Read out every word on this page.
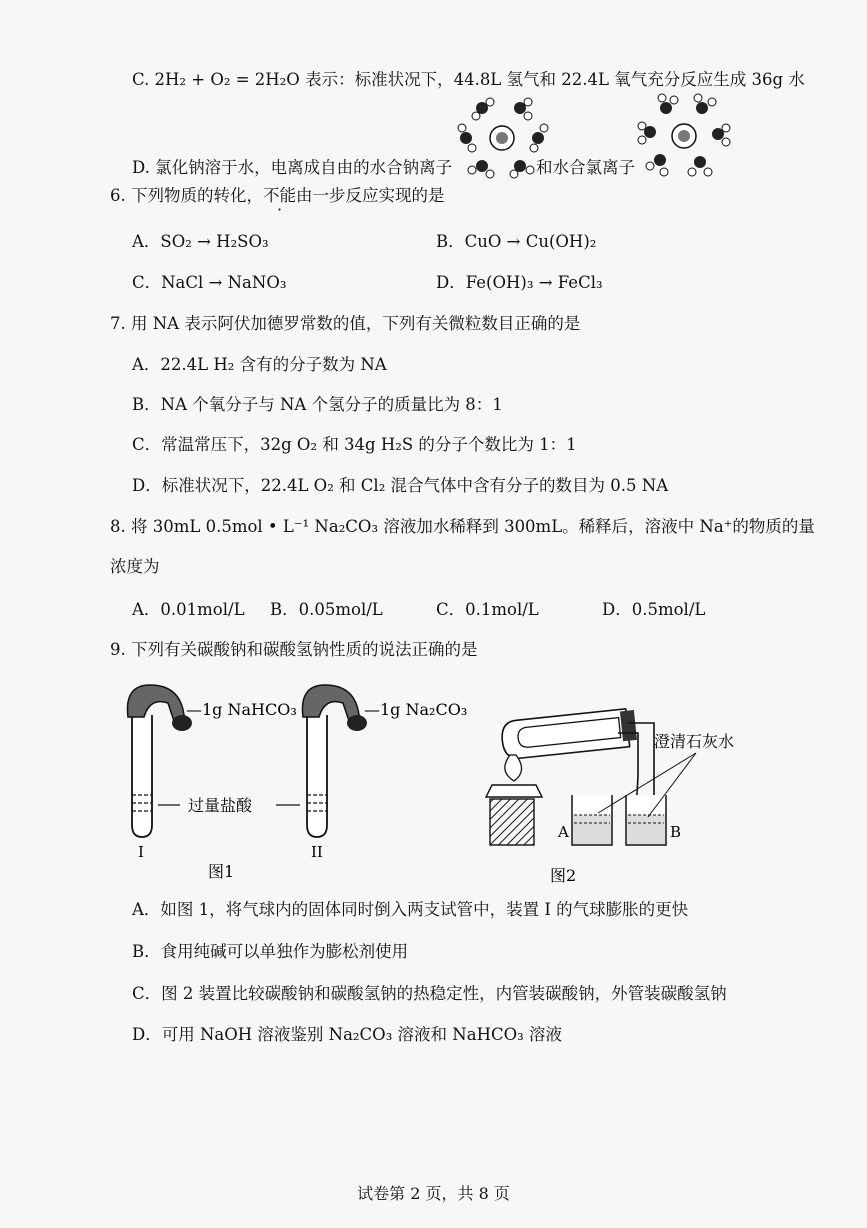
C. 2H₂ + O₂ = 2H₂O 表示：标准状况下，44.8L 氢气和 22.4L 氧气充分反应生成 36g 水
D. 氯化钠溶于水，电离成自由的水合钠离子	和水合氯离子
6. 下列物质的转化，不能由一步反应实现的是
A．SO₂ → H₂SO₃	B．CuO → Cu(OH)₂
C．NaCl → NaNO₃	D．Fe(OH)₃ → FeCl₃
7. 用 NA 表示阿伏加德罗常数的值，下列有关微粒数目正确的是
A．22.4L H₂ 含有的分子数为 NA
B．NA 个氧分子与 NA 个氢分子的质量比为 8：1
C．常温常压下，32g O₂ 和 34g H₂S 的分子个数比为 1：1
D．标准状况下，22.4L O₂ 和 Cl₂ 混合气体中含有分子的数目为 0.5 NA
8. 将 30mL 0.5mol • L⁻¹ Na₂CO₃ 溶液加水稀释到 300mL。稀释后，溶液中 Na⁺的物质的量
浓度为
A．0.01mol/L B．0.05mol/L	C．0.1mol/L	D．0.5mol/L
9. 下列有关碳酸钠和碳酸氢钠性质的说法正确的是
—1g NaHCO₃	—1g Na₂CO₃
过量盐酸
I	II
图1
澄清石灰水
A	B
图2
A．如图 1，将气球内的固体同时倒入两支试管中，装置 I 的气球膨胀的更快
B．食用纯碱可以单独作为膨松剂使用
C．图 2 装置比较碳酸钠和碳酸氢钠的热稳定性，内管装碳酸钠，外管装碳酸氢钠
D．可用 NaOH 溶液鉴别 Na₂CO₃ 溶液和 NaHCO₃ 溶液
试卷第 2 页，共 8 页
